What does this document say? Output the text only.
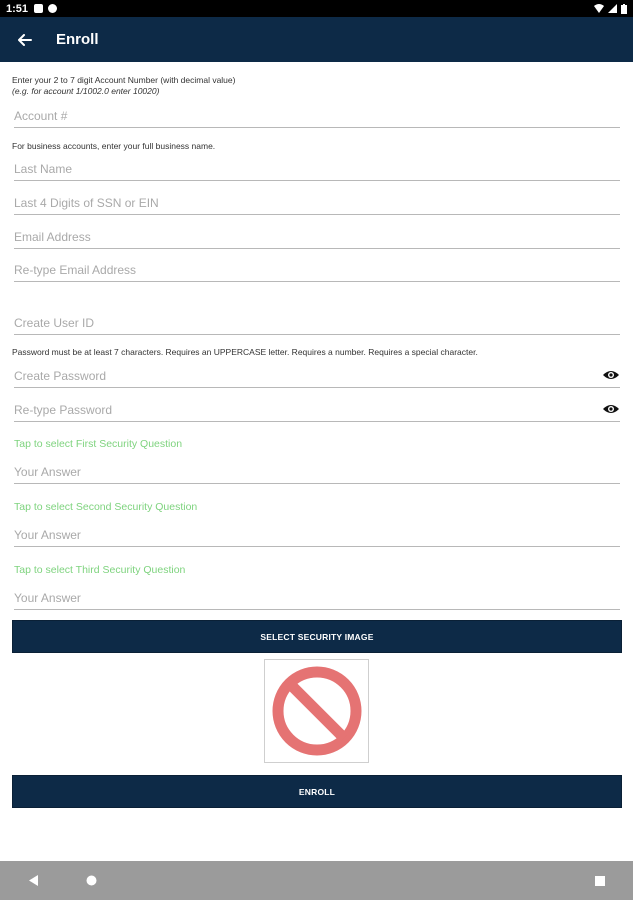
1:51
Enroll
Enter your 2 to 7 digit Account Number (with decimal value)
(e.g. for account 1/1002.0 enter 10020)
Account #
For business accounts, enter your full business name.
Last Name
Last 4 Digits of SSN or EIN
Email Address
Re-type Email Address
Create User ID
Password must be at least 7 characters. Requires an UPPERCASE letter. Requires a number. Requires a special character.
Tap to select First Security Question
Your Answer
Tap to select Second Security Question
Your Answer
Tap to select Third Security Question
Your Answer
SELECT SECURITY IMAGE
ENROLL
